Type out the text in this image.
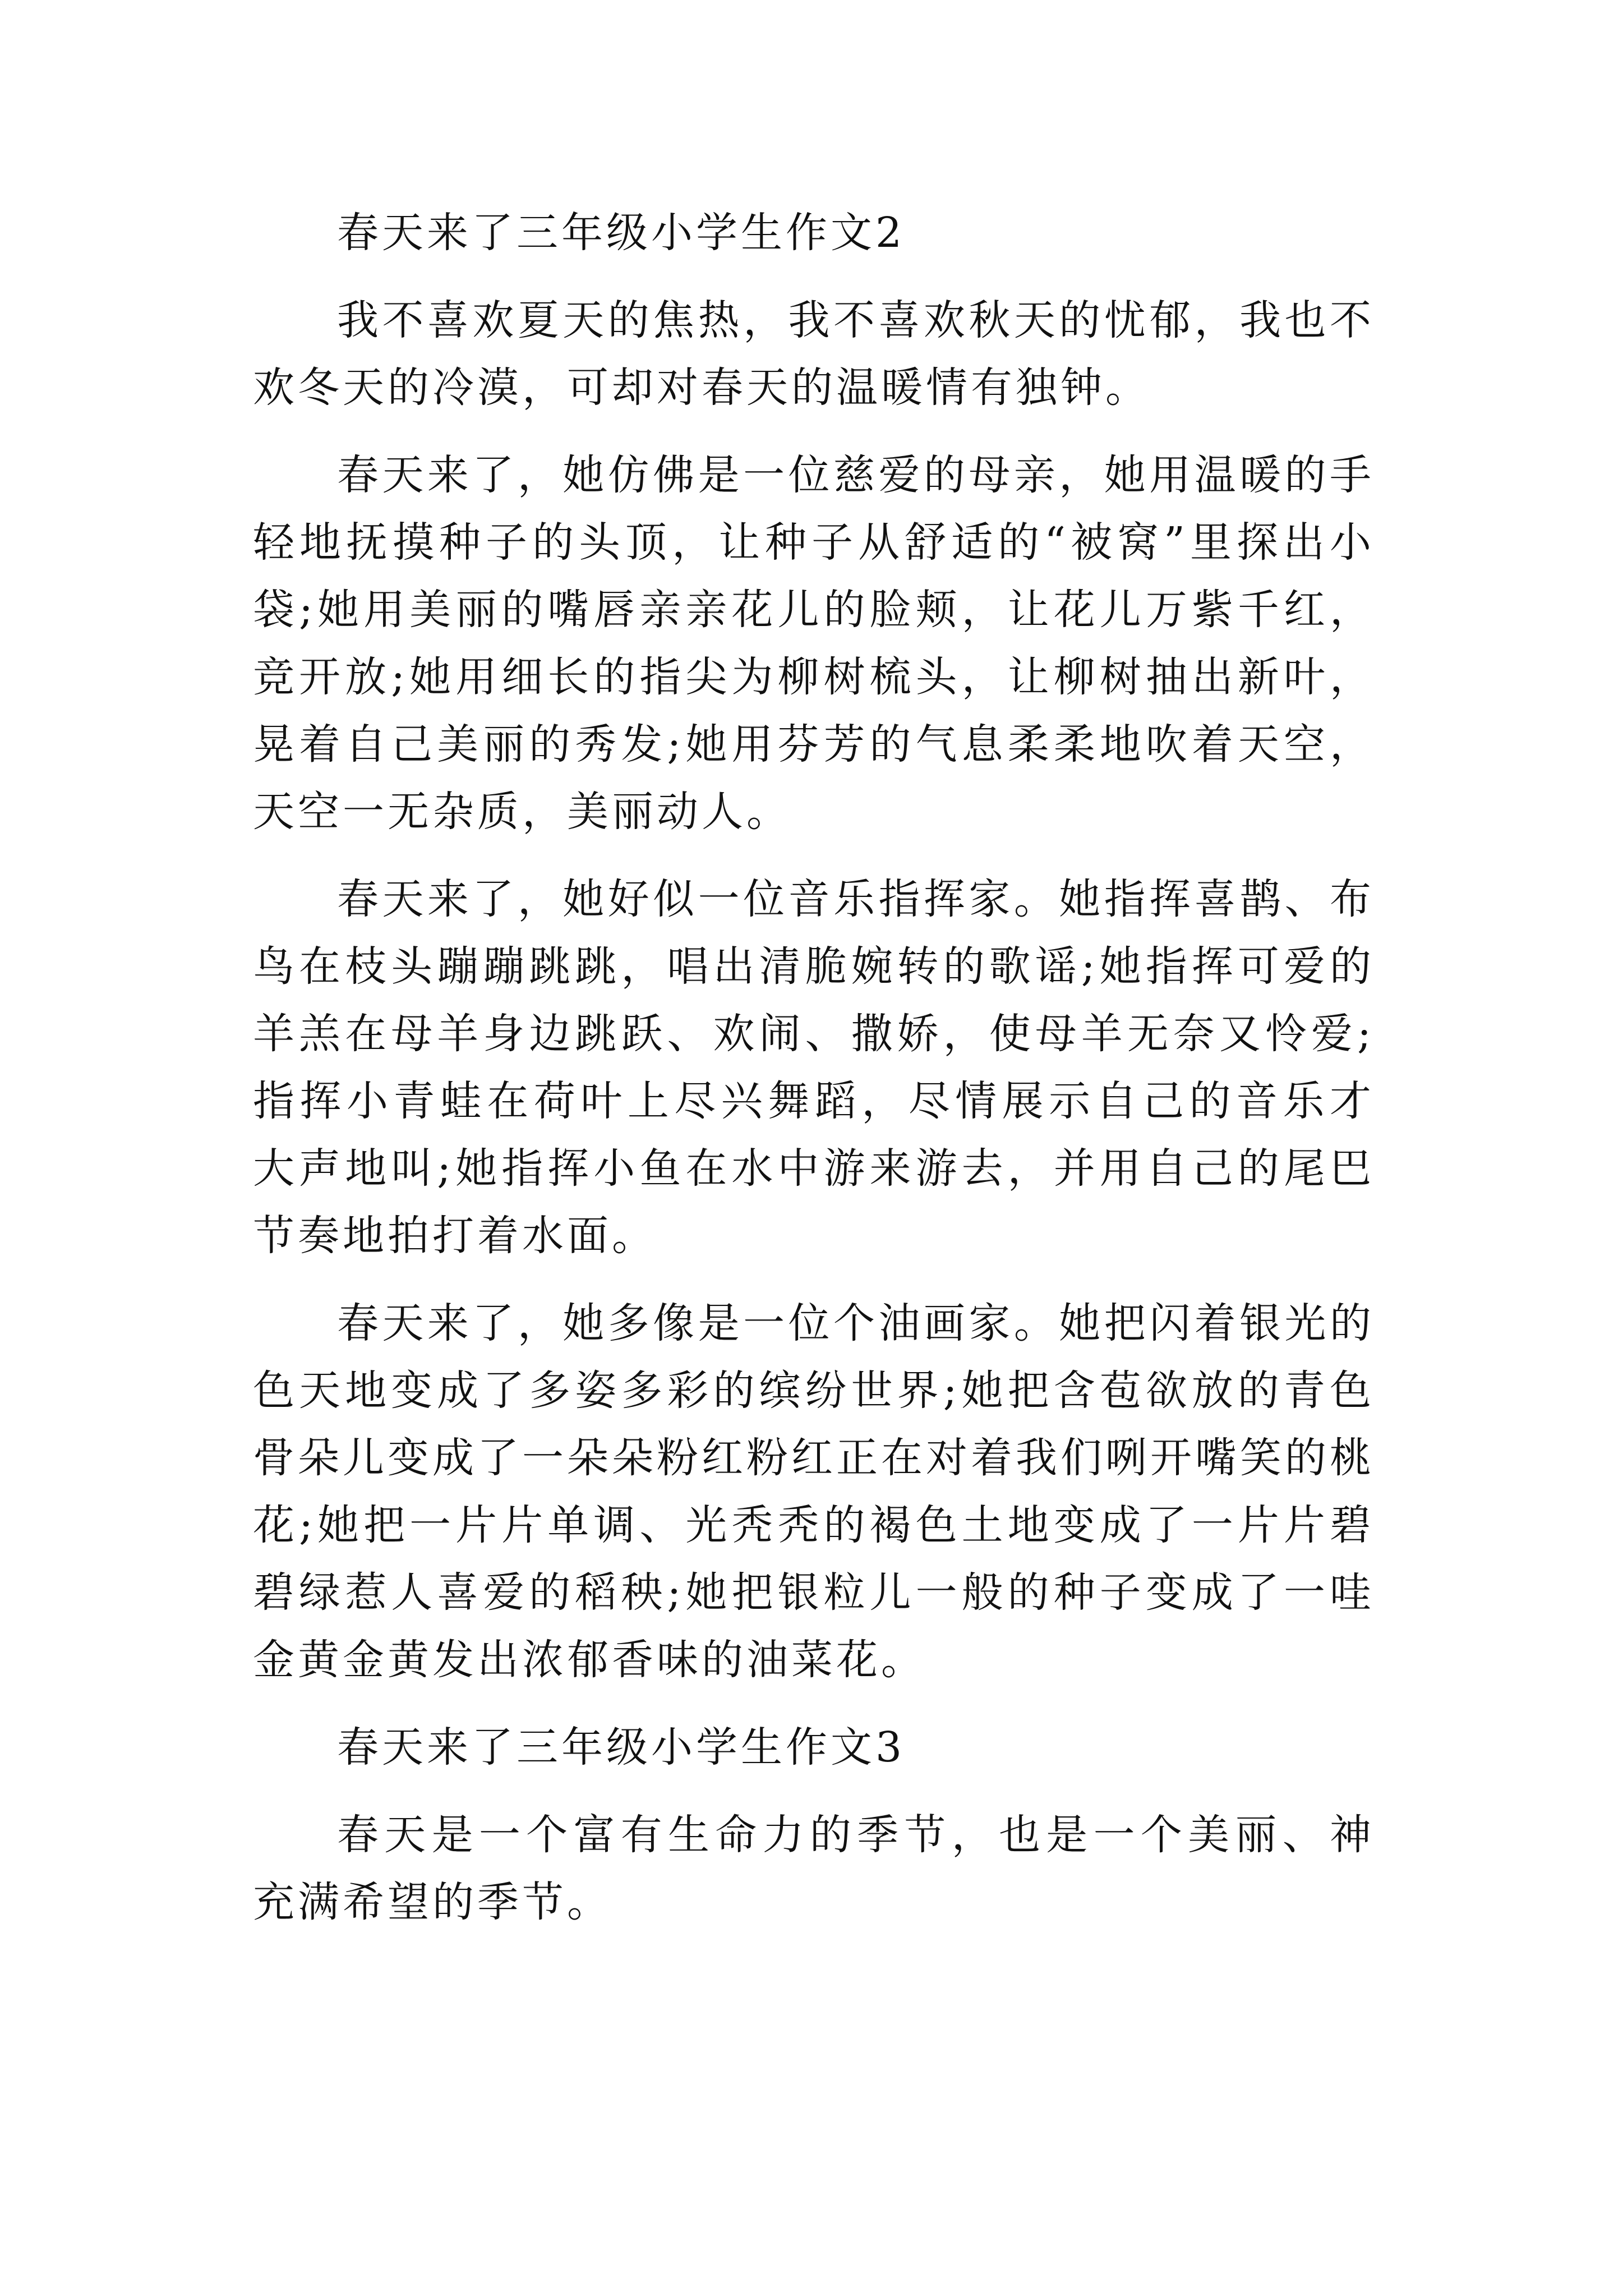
春天来了三年级小学生作文2
我不喜欢夏天的焦热，我不喜欢秋天的忧郁，我也不
欢冬天的冷漠，可却对春天的温暖情有独钟。
春天来了，她仿佛是一位慈爱的母亲，她用温暖的手
轻地抚摸种子的头顶，让种子从舒适的“被窝”里探出小
袋;她用美丽的嘴唇亲亲花儿的脸颊，让花儿万紫千红，
竞开放;她用细长的指尖为柳树梳头，让柳树抽出新叶，
晃着自己美丽的秀发;她用芬芳的气息柔柔地吹着天空，
天空一无杂质，美丽动人。
春天来了，她好似一位音乐指挥家。她指挥喜鹊、布
鸟在枝头蹦蹦跳跳，唱出清脆婉转的歌谣;她指挥可爱的
羊羔在母羊身边跳跃、欢闹、撒娇，使母羊无奈又怜爱;
指挥小青蛙在荷叶上尽兴舞蹈，尽情展示自己的音乐才
大声地叫;她指挥小鱼在水中游来游去，并用自己的尾巴
节奏地拍打着水面。
春天来了，她多像是一位个油画家。她把闪着银光的
色天地变成了多姿多彩的缤纷世界;她把含苞欲放的青色
骨朵儿变成了一朵朵粉红粉红正在对着我们咧开嘴笑的桃
花;她把一片片单调、光秃秃的褐色土地变成了一片片碧
碧绿惹人喜爱的稻秧;她把银粒儿一般的种子变成了一哇
金黄金黄发出浓郁香味的油菜花。
春天来了三年级小学生作文3
春天是一个富有生命力的季节，也是一个美丽、神
充满希望的季节。
